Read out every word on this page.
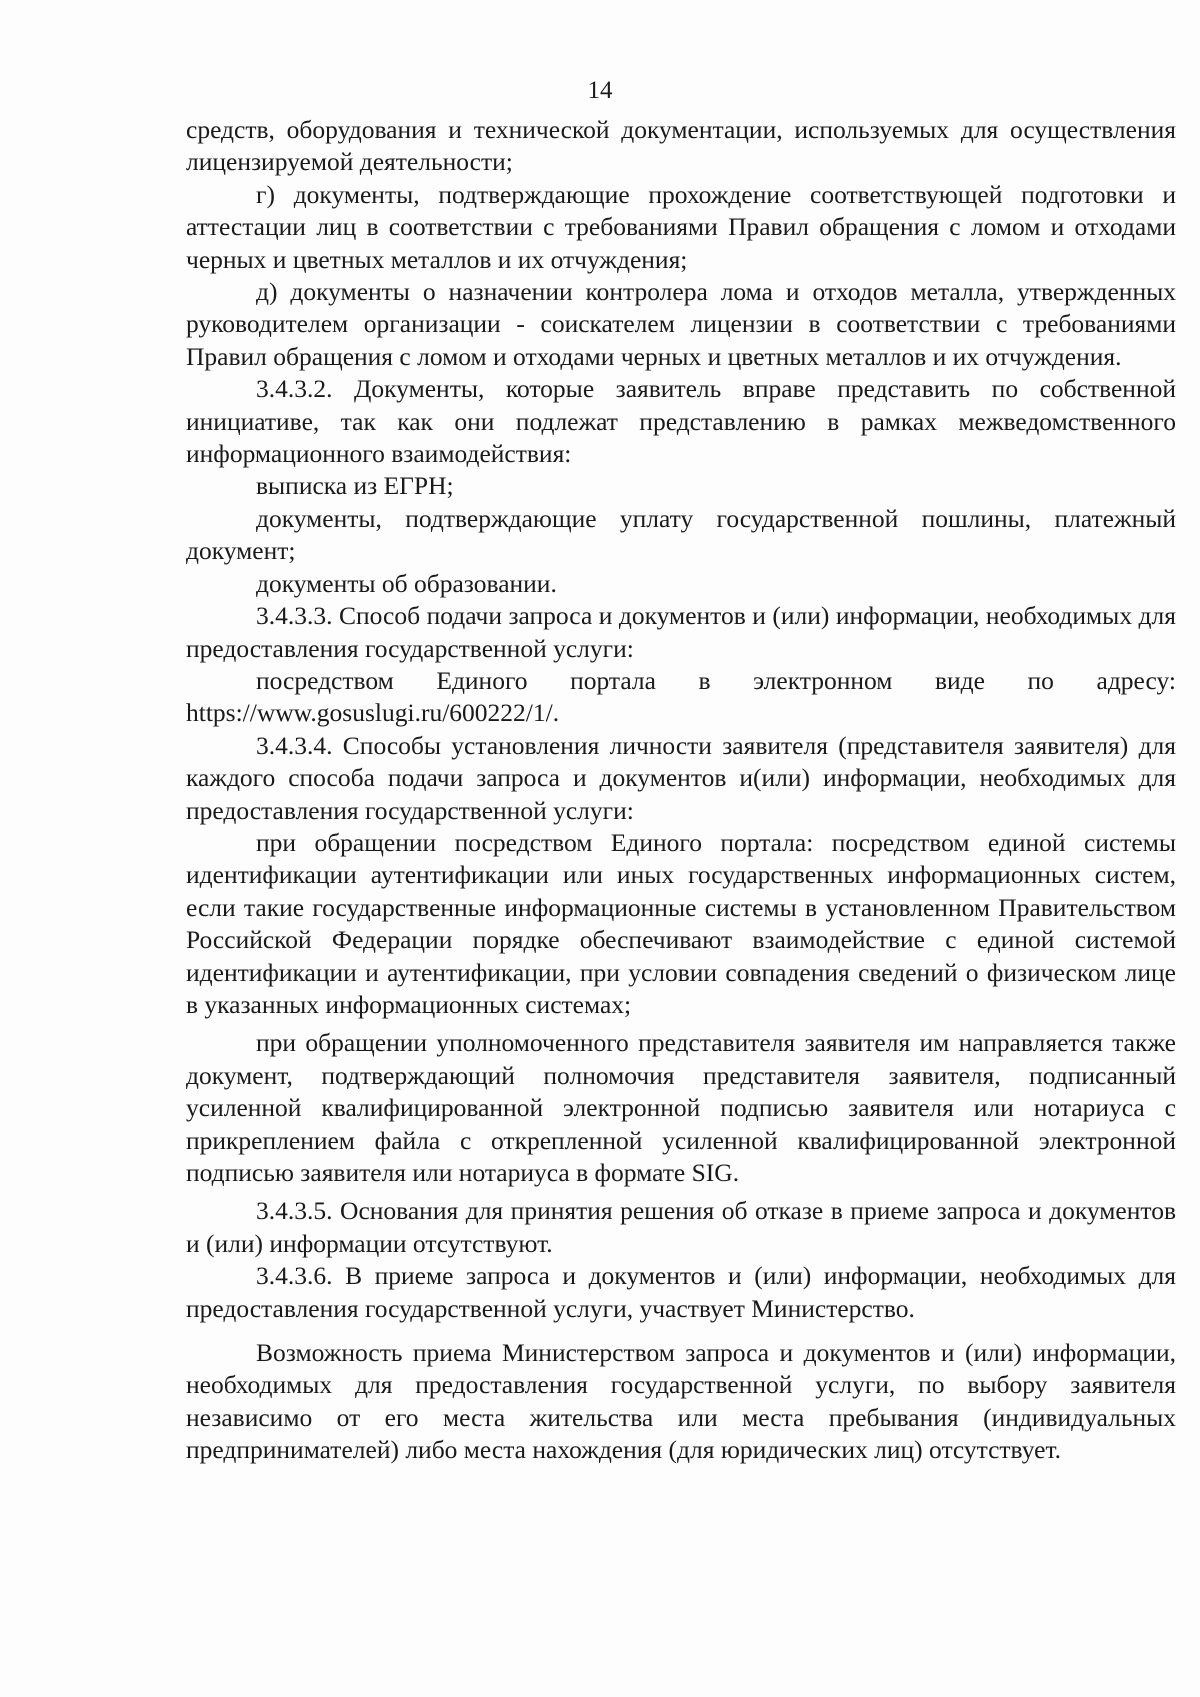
14

средств, оборудования и технической документации, используемых для осуществления лицензируемой деятельности;

г) документы, подтверждающие прохождение соответствующей подготовки и аттестации лиц в соответствии с требованиями Правил обращения с ломом и отходами черных и цветных металлов и их отчуждения;

д) документы о назначении контролера лома и отходов металла, утвержденных руководителем организации - соискателем лицензии в соответствии с требованиями Правил обращения с ломом и отходами черных и цветных металлов и их отчуждения.

3.4.3.2. Документы, которые заявитель вправе представить по собственной инициативе, так как они подлежат представлению в рамках межведомственного информационного взаимодействия:

выписка из ЕГРН;

документы, подтверждающие уплату государственной пошлины, платежный документ;

документы об образовании.

3.4.3.3. Способ подачи запроса и документов и (или) информации, необходимых для предоставления государственной услуги:

посредством Единого портала в электронном виде по адресу: https://www.gosuslugi.ru/600222/1/.

3.4.3.4. Способы установления личности заявителя (представителя заявителя) для каждого способа подачи запроса и документов и(или) информации, необходимых для предоставления государственной услуги:

при обращении посредством Единого портала: посредством единой системы идентификации аутентификации или иных государственных информационных систем, если такие государственные информационные системы в установленном Правительством Российской Федерации порядке обеспечивают взаимодействие с единой системой идентификации и аутентификации, при условии совпадения сведений о физическом лице в указанных информационных системах;

при обращении уполномоченного представителя заявителя им направляется также документ, подтверждающий полномочия представителя заявителя, подписанный усиленной квалифицированной электронной подписью заявителя или нотариуса с прикреплением файла с открепленной усиленной квалифицированной электронной подписью заявителя или нотариуса в формате SIG.

3.4.3.5. Основания для принятия решения об отказе в приеме запроса и документов и (или) информации отсутствуют.

3.4.3.6. В приеме запроса и документов и (или) информации, необходимых для предоставления государственной услуги, участвует Министерство.

Возможность приема Министерством запроса и документов и (или) информации, необходимых для предоставления государственной услуги, по выбору заявителя независимо от его места жительства или места пребывания (индивидуальных предпринимателей) либо места нахождения (для юридических лиц) отсутствует.
